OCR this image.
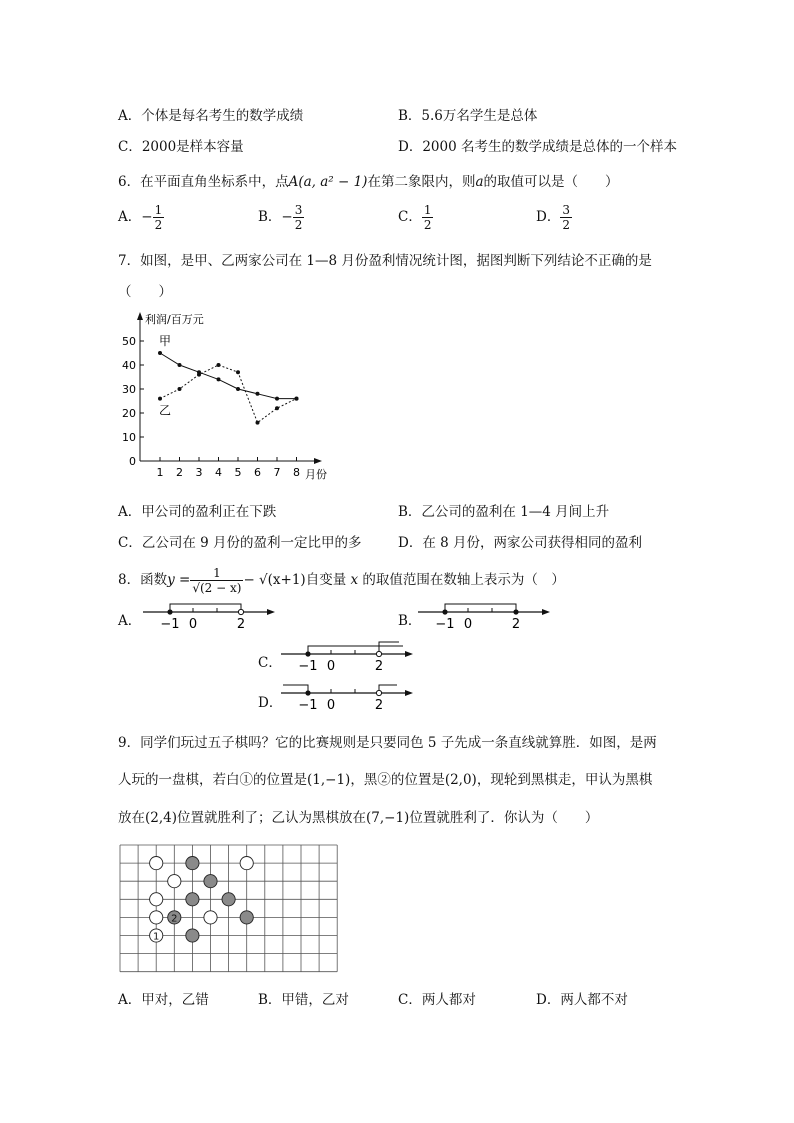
A．个体是每名考生的数学成绩	B．5.6万名学生是总体
C．2000是样本容量	D．2000 名考生的数学成绩是总体的一个样本
6．在平面直角坐标系中，点A(a, a² − 1)在第二象限内，则a的取值可以是（　　）
A．− $\frac{1}{2}$	B．− $\frac{3}{2}$	C． $\frac{1}{2}$	D． $\frac{3}{2}$
7．如图，是甲、乙两家公司在 1—8 月份盈利情况统计图，据图判断下列结论不正确的是
（　　）
利润/百万元
月份
0
10
20
30
40
50
1 2 3 4 5 6 7 8
甲
乙
A．甲公司的盈利正在下跌	B．乙公司的盈利在 1—4 月间上升
C．乙公司在 9 月份的盈利一定比甲的多	D．在 8 月份，两家公司获得相同的盈利
8．函数$y = \frac{1}{√(2 - x)} - √(x+1)$自变量 x 的取值范围在数轴上表示为（　）
A． −1 0	2	B． −1 0	2
C． −1 0	2
D． −1 0	2
9．同学们玩过五子棋吗？它的比赛规则是只要同色 5 子先成一条直线就算胜．如图，是两
人玩的一盘棋，若白①的位置是(1,−1)，黑②的位置是(2,0)，现轮到黑棋走，甲认为黑棋
放在(2,4)位置就胜利了；乙认为黑棋放在(7,−1)位置就胜利了．你认为（　　）
2
1
A．甲对，乙错	B．甲错，乙对	C．两人都对	D．两人都不对
